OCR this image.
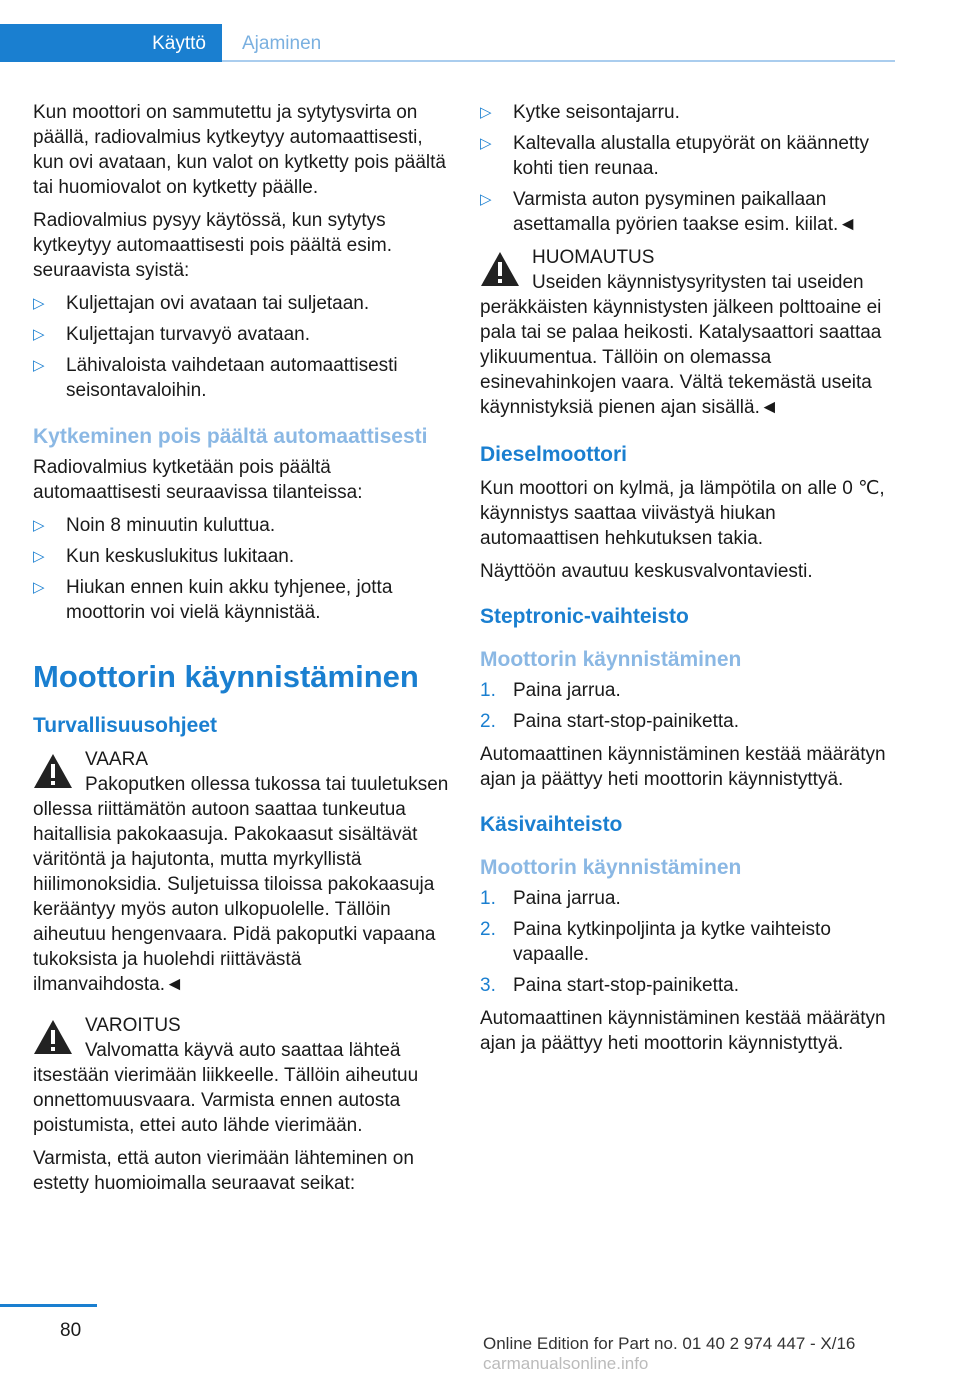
Käyttö Ajaminen

Kun moottori on sammutettu ja sytytysvirta on päällä, radiovalmius kytkeytyy automaattisesti, kun ovi avataan, kun valot on kytketty pois päältä tai huomiovalot on kytketty päälle.

Radiovalmius pysyy käytössä, kun sytytys kytkeytyy automaattisesti pois päältä esim. seuraavista syistä:

▷ Kuljettajan ovi avataan tai suljetaan.
▷ Kuljettajan turvavyö avataan.
▷ Lähivaloista vaihdetaan automaattisesti seisontavaloihin.
Kytkeminen pois päältä automaattisesti

Radiovalmius kytketään pois päältä automaattisesti seuraavissa tilanteissa:

▷ Noin 8 minuutin kuluttua.
▷ Kun keskuslukitus lukitaan.
▷ Hiukan ennen kuin akku tyhjenee, jotta moottorin voi vielä käynnistää.
Moottorin käynnistäminen
Turvallisuusohjeet
VAARA
Pakoputken ollessa tukossa tai tuuletuksen ollessa riittämätön autoon saattaa tunkeutua haitallisia pakokaasuja. Pakokaasut sisältävät väritöntä ja hajutonta, mutta myrkyllistä hiilimonoksidia. Suljetuissa tiloissa pakokaasuja kerääntyy myös auton ulkopuolelle. Tällöin aiheutuu hengenvaara. Pidä pakoputki vapaana tukoksista ja huolehdi riittävästä ilmanvaihdosta.◄
VAROITUS
Valvomatta käyvä auto saattaa lähteä itsestään vierimään liikkeelle. Tällöin aiheutuu onnettomuusvaara. Varmista ennen autosta poistumista, ettei auto lähde vierimään.

Varmista, että auton vierimään lähteminen on estetty huomioimalla seuraavat seikat:

▷ Kytke seisontajarru.
▷ Kaltevalla alustalla etupyörät on käännetty kohti tien reunaa.
▷ Varmista auton pysyminen paikallaan asettamalla pyörien taakse esim. kiilat.◄
HUOMAUTUS
Useiden käynnistysyritysten tai useiden peräkkäisten käynnistysten jälkeen polttoaine ei pala tai se palaa heikosti. Katalysaattori saattaa ylikuumentua. Tällöin on olemassa esinevahinkojen vaara. Vältä tekemästä useita käynnistyksiä pienen ajan sisällä.◄
Dieselmoottori

Kun moottori on kylmä, ja lämpötila on alle 0 ℃, käynnistys saattaa viivästyä hiukan automaattisen hehkutuksen takia.

Näyttöön avautuu keskusvalvontaviesti.

Steptronic-vaihteisto
Moottorin käynnistäminen
1. Paina jarrua.
2. Paina start-stop-painiketta.

Automaattinen käynnistäminen kestää määrätyn ajan ja päättyy heti moottorin käynnistyttyä.

Käsivaihteisto
Moottorin käynnistäminen
1. Paina jarrua.
2. Paina kytkinpoljinta ja kytke vaihteisto vapaalle.
3. Paina start-stop-painiketta.

Automaattinen käynnistäminen kestää määrätyn ajan ja päättyy heti moottorin käynnistyttyä.

80
Online Edition for Part no. 01 40 2 974 447 - X/16 carmanualsonline.info
